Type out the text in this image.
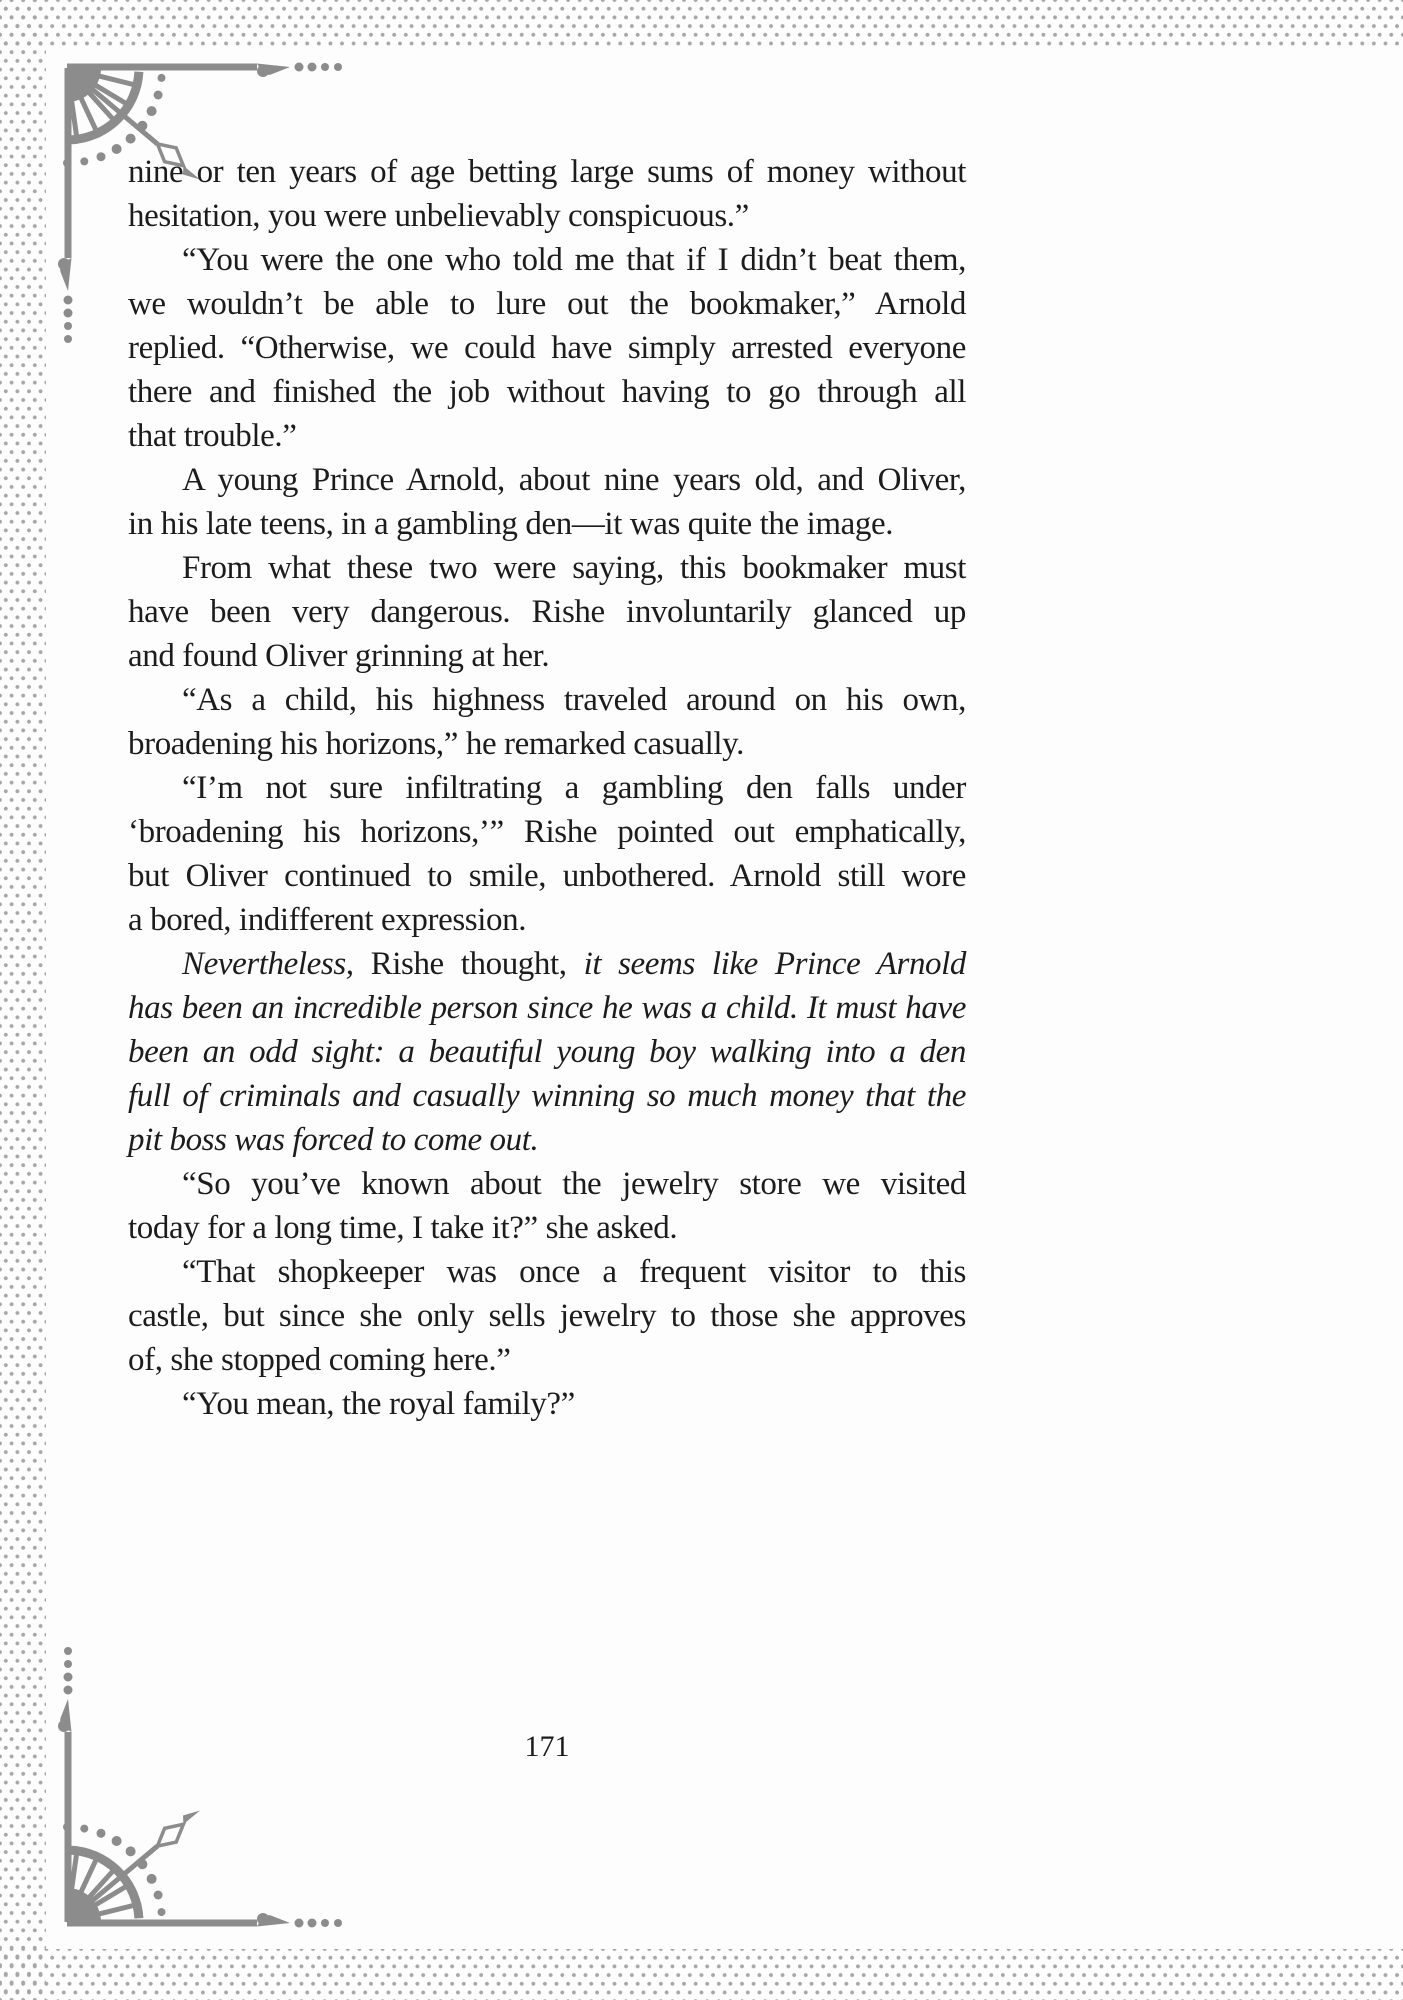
nine or ten years of age betting large sums of money without
hesitation, you were unbelievably conspicuous.”
“You were the one who told me that if I didn’t beat them,
we wouldn’t be able to lure out the bookmaker,” Arnold
replied. “Otherwise, we could have simply arrested everyone
there and finished the job without having to go through all
that trouble.”
A young Prince Arnold, about nine years old, and Oliver,
in his late teens, in a gambling den—it was quite the image.
From what these two were saying, this bookmaker must
have been very dangerous. Rishe involuntarily glanced up
and found Oliver grinning at her.
“As a child, his highness traveled around on his own,
broadening his horizons,” he remarked casually.
“I’m not sure infiltrating a gambling den falls under
‘broadening his horizons,’” Rishe pointed out emphatically,
but Oliver continued to smile, unbothered. Arnold still wore
a bored, indifferent expression.
Nevertheless, Rishe thought, it seems like Prince Arnold
has been an incredible person since he was a child. It must have
been an odd sight: a beautiful young boy walking into a den
full of criminals and casually winning so much money that the
pit boss was forced to come out.
“So you’ve known about the jewelry store we visited
today for a long time, I take it?” she asked.
“That shopkeeper was once a frequent visitor to this
castle, but since she only sells jewelry to those she approves
of, she stopped coming here.”
“You mean, the royal family?”
171
